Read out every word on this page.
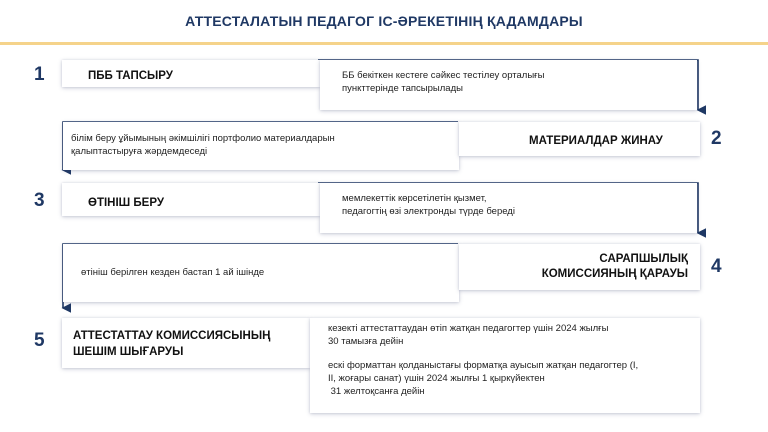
АТТЕСТАЛАТЫН ПЕДАГОГ ІС-ӘРЕКЕТІНІҢ ҚАДАМДАРЫ
1	ПББ ТАПСЫРУ	ББ бекіткен кестеге сәйкес тестілеу орталығы
пункттерінде тапсырылады
білім беру ұйымының әкімшілігі портфолио материалдарын
қалыптастыруға жәрдемдеседі
МАТЕРИАЛДАР ЖИНАУ	2
3	ӨТІНІШ БЕРУ	мемлекеттік көрсетілетін қызмет,
педагогтің өзі электронды түрде береді
өтініш берілген кезден бастап 1 ай ішінде
САРАПШЫЛЫҚ
КОМИССИЯНЫҢ ҚАРАУЫ 4
5 АТТЕСТАТТАУ КОМИССИЯСЫНЫҢ
ШЕШІМ ШЫҒАРУЫ
кезекті аттестаттаудан өтіп жатқан педагогтер үшін 2024 жылғы
30 тамызға дейін
ескі форматтан қолданыстағы форматқа ауысып жатқан педагогтер (І,
ІІ, жоғары санат) үшін 2024 жылғы 1 қыркүйектен
31 желтоқсанға дейін
